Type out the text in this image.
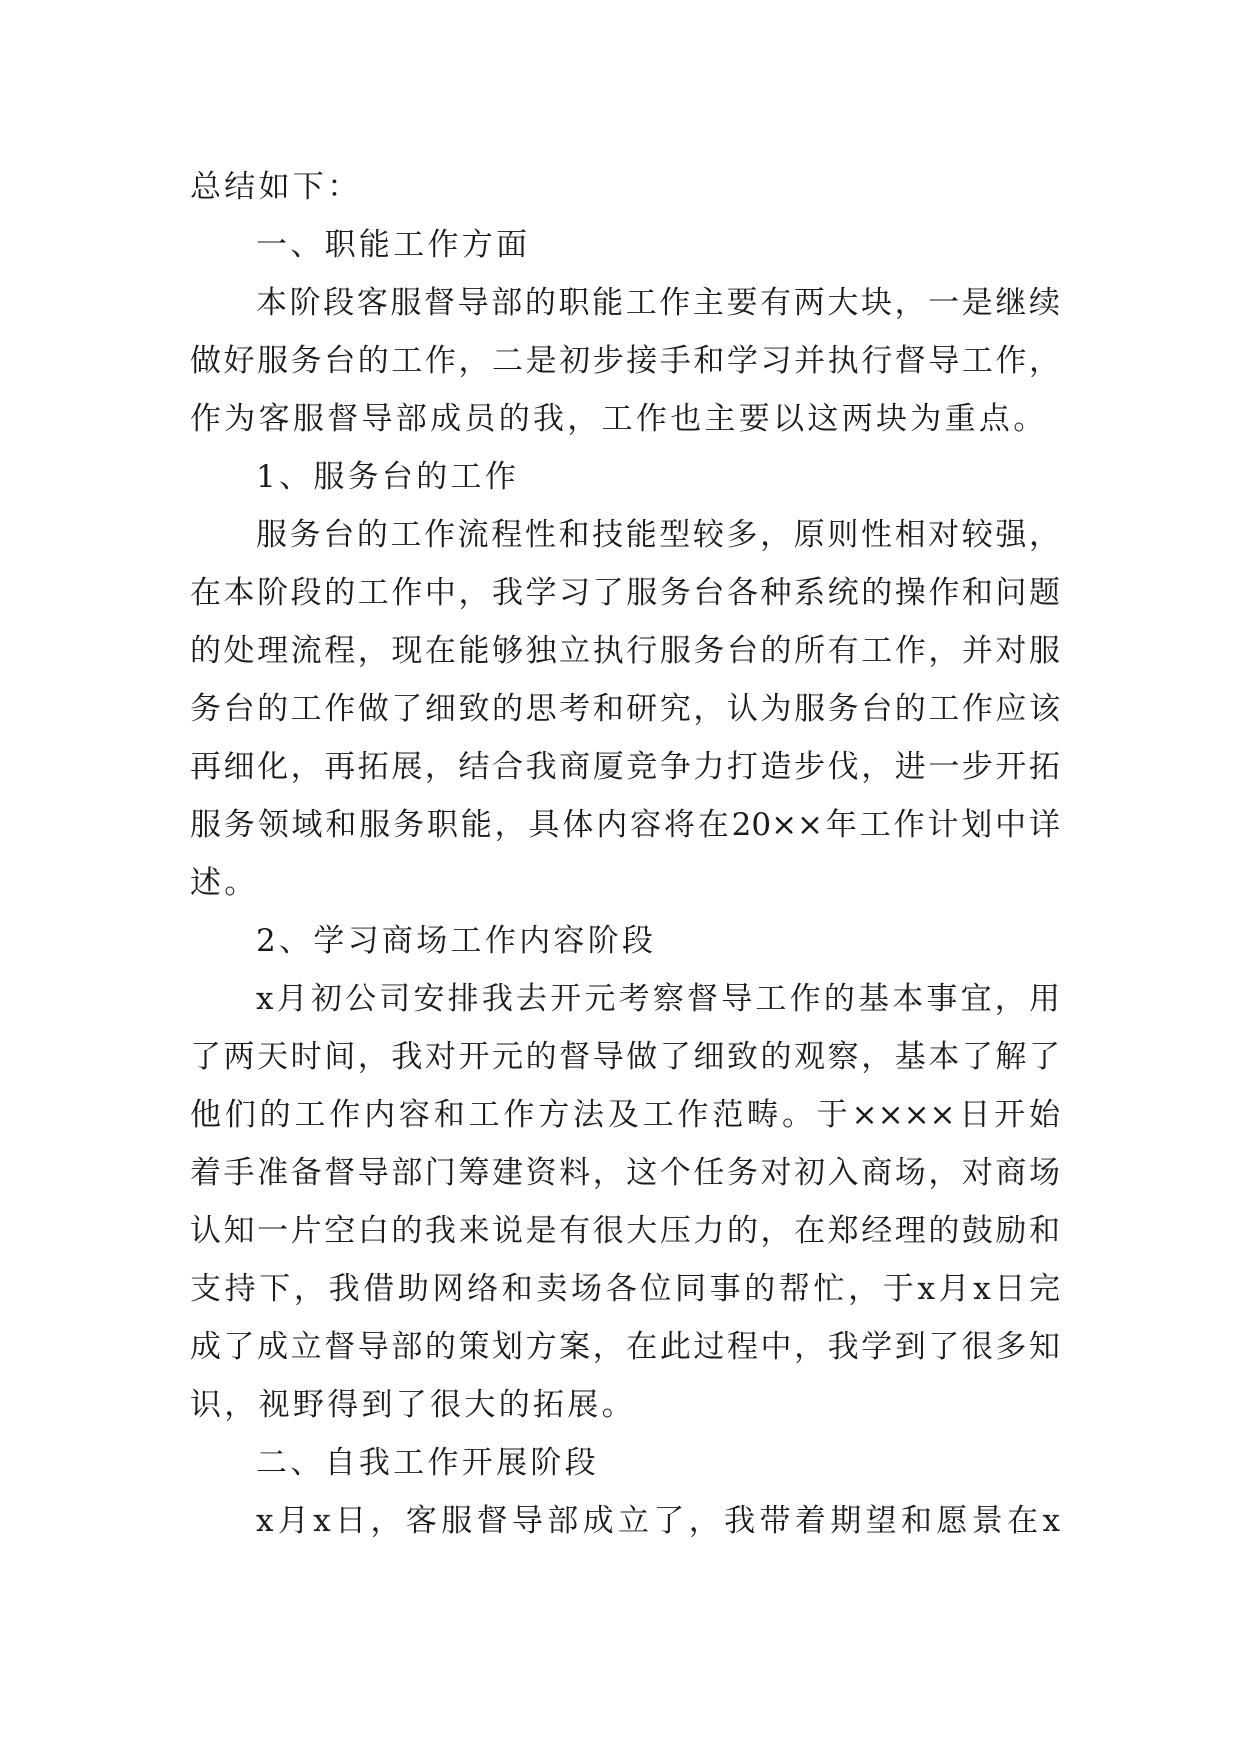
总结如下：
一、职能工作方面
本阶段客服督导部的职能工作主要有两大块，一是继续
做好服务台的工作，二是初步接手和学习并执行督导工作，
作为客服督导部成员的我，工作也主要以这两块为重点。
1、服务台的工作
服务台的工作流程性和技能型较多，原则性相对较强，
在本阶段的工作中，我学习了服务台各种系统的操作和问题
的处理流程，现在能够独立执行服务台的所有工作，并对服
务台的工作做了细致的思考和研究，认为服务台的工作应该
再细化，再拓展，结合我商厦竞争力打造步伐，进一步开拓
服务领域和服务职能，具体内容将在20××年工作计划中详
述。
2、学习商场工作内容阶段
x月初公司安排我去开元考察督导工作的基本事宜，用
了两天时间，我对开元的督导做了细致的观察，基本了解了
他们的工作内容和工作方法及工作范畴。于××××日开始
着手准备督导部门筹建资料，这个任务对初入商场，对商场
认知一片空白的我来说是有很大压力的，在郑经理的鼓励和
支持下，我借助网络和卖场各位同事的帮忙，于x月x日完
成了成立督导部的策划方案，在此过程中，我学到了很多知
识，视野得到了很大的拓展。
二、自我工作开展阶段
x月x日，客服督导部成立了，我带着期望和愿景在x
